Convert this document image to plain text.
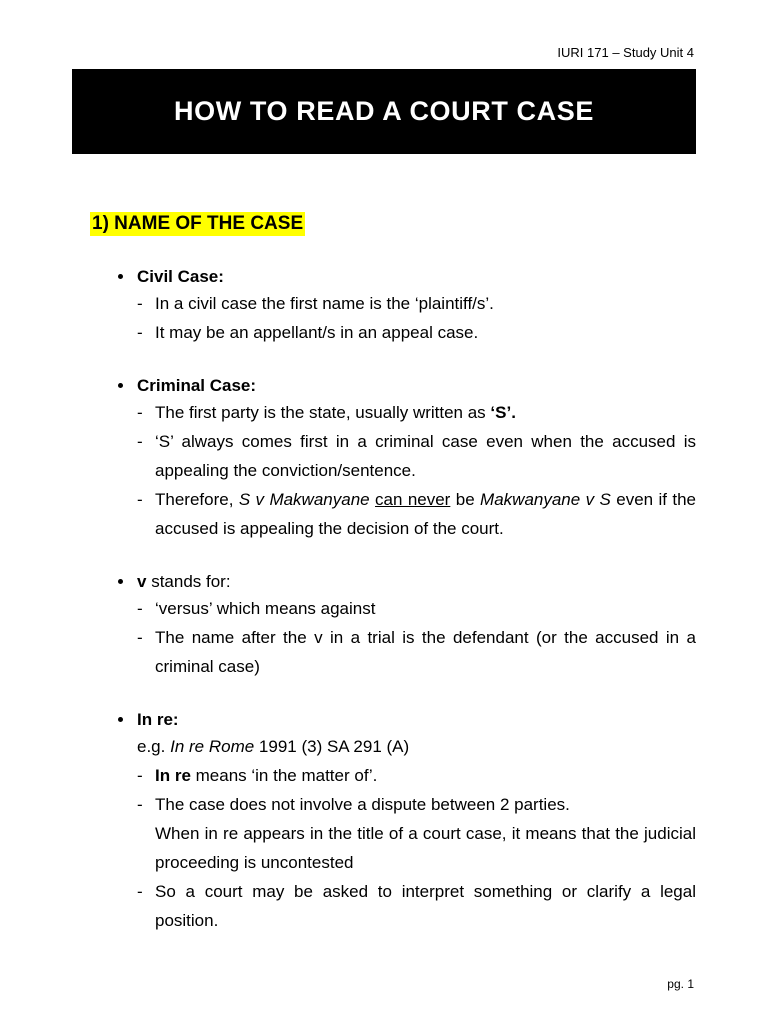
IURI 171 – Study Unit 4
HOW TO READ A COURT CASE
1) NAME OF THE CASE
Civil Case:
- In a civil case the first name is the ‘plaintiff/s’.
- It may be an appellant/s in an appeal case.
Criminal Case:
- The first party is the state, usually written as ‘S’.
- ‘S’ always comes first in a criminal case even when the accused is appealing the conviction/sentence.
- Therefore, S v Makwanyane can never be Makwanyane v S even if the accused is appealing the decision of the court.
v stands for:
- ‘versus’ which means against
- The name after the v in a trial is the defendant (or the accused in a criminal case)
In re:
e.g. In re Rome 1991 (3) SA 291 (A)
- In re means ‘in the matter of’.
- The case does not involve a dispute between 2 parties.
When in re appears in the title of a court case, it means that the judicial proceeding is uncontested
- So a court may be asked to interpret something or clarify a legal position.
pg. 1
